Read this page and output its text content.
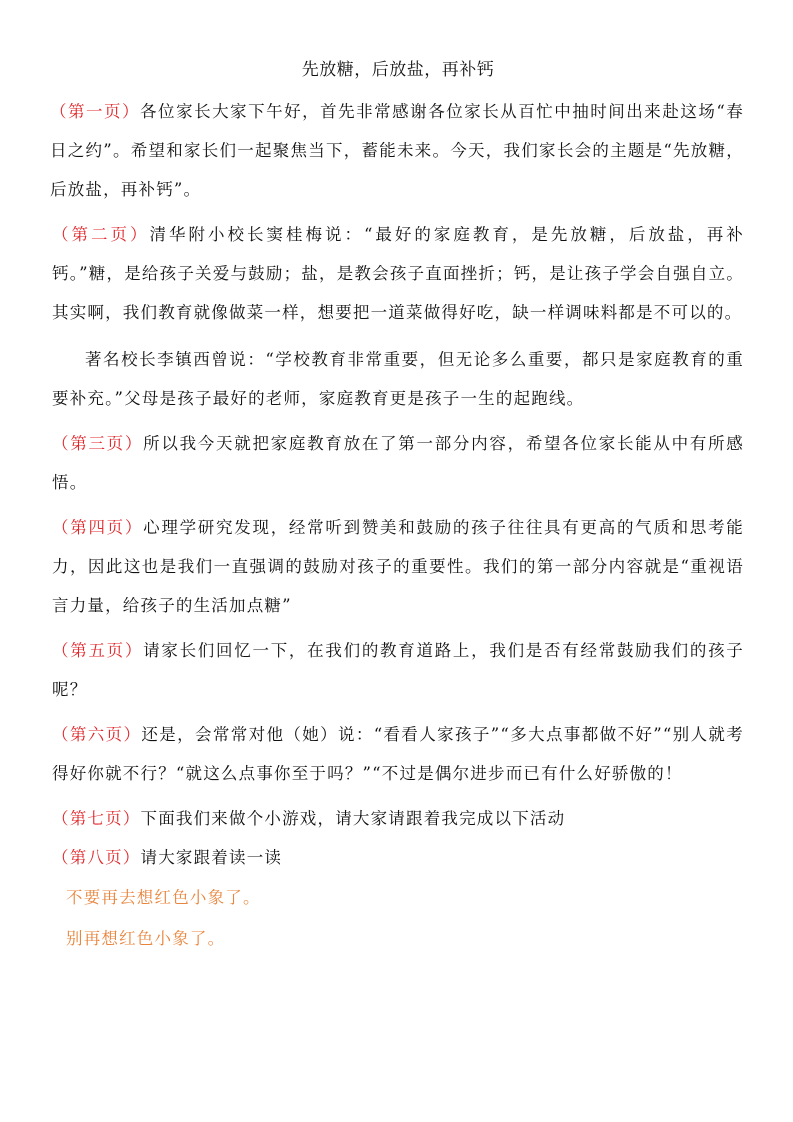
先放糖，后放盐，再补钙

（第一页）各位家长大家下午好，首先非常感谢各位家长从百忙中抽时间出来赴这场“春日之约”。希望和家长们一起聚焦当下，蓄能未来。今天，我们家长会的主题是“先放糖，后放盐，再补钙”。

（第二页）清华附小校长窦桂梅说：“最好的家庭教育，是先放糖，后放盐，再补钙。”糖，是给孩子关爱与鼓励；盐，是教会孩子直面挫折；钙，是让孩子学会自强自立。其实啊，我们教育就像做菜一样，想要把一道菜做得好吃，缺一样调味料都是不可以的。

著名校长李镇西曾说：“学校教育非常重要，但无论多么重要，都只是家庭教育的重要补充。”父母是孩子最好的老师，家庭教育更是孩子一生的起跑线。

（第三页）所以我今天就把家庭教育放在了第一部分内容，希望各位家长能从中有所感悟。

（第四页）心理学研究发现，经常听到赞美和鼓励的孩子往往具有更高的气质和思考能力，因此这也是我们一直强调的鼓励对孩子的重要性。我们的第一部分内容就是“重视语言力量，给孩子的生活加点糖”

（第五页）请家长们回忆一下，在我们的教育道路上，我们是否有经常鼓励我们的孩子呢？

（第六页）还是，会常常对他（她）说：“看看人家孩子”“多大点事都做不好”“别人就考得好你就不行？“就这么点事你至于吗？”“不过是偶尔进步而已有什么好骄傲的！

（第七页）下面我们来做个小游戏，请大家请跟着我完成以下活动

（第八页）请大家跟着读一读

不要再去想红色小象了。

别再想红色小象了。
